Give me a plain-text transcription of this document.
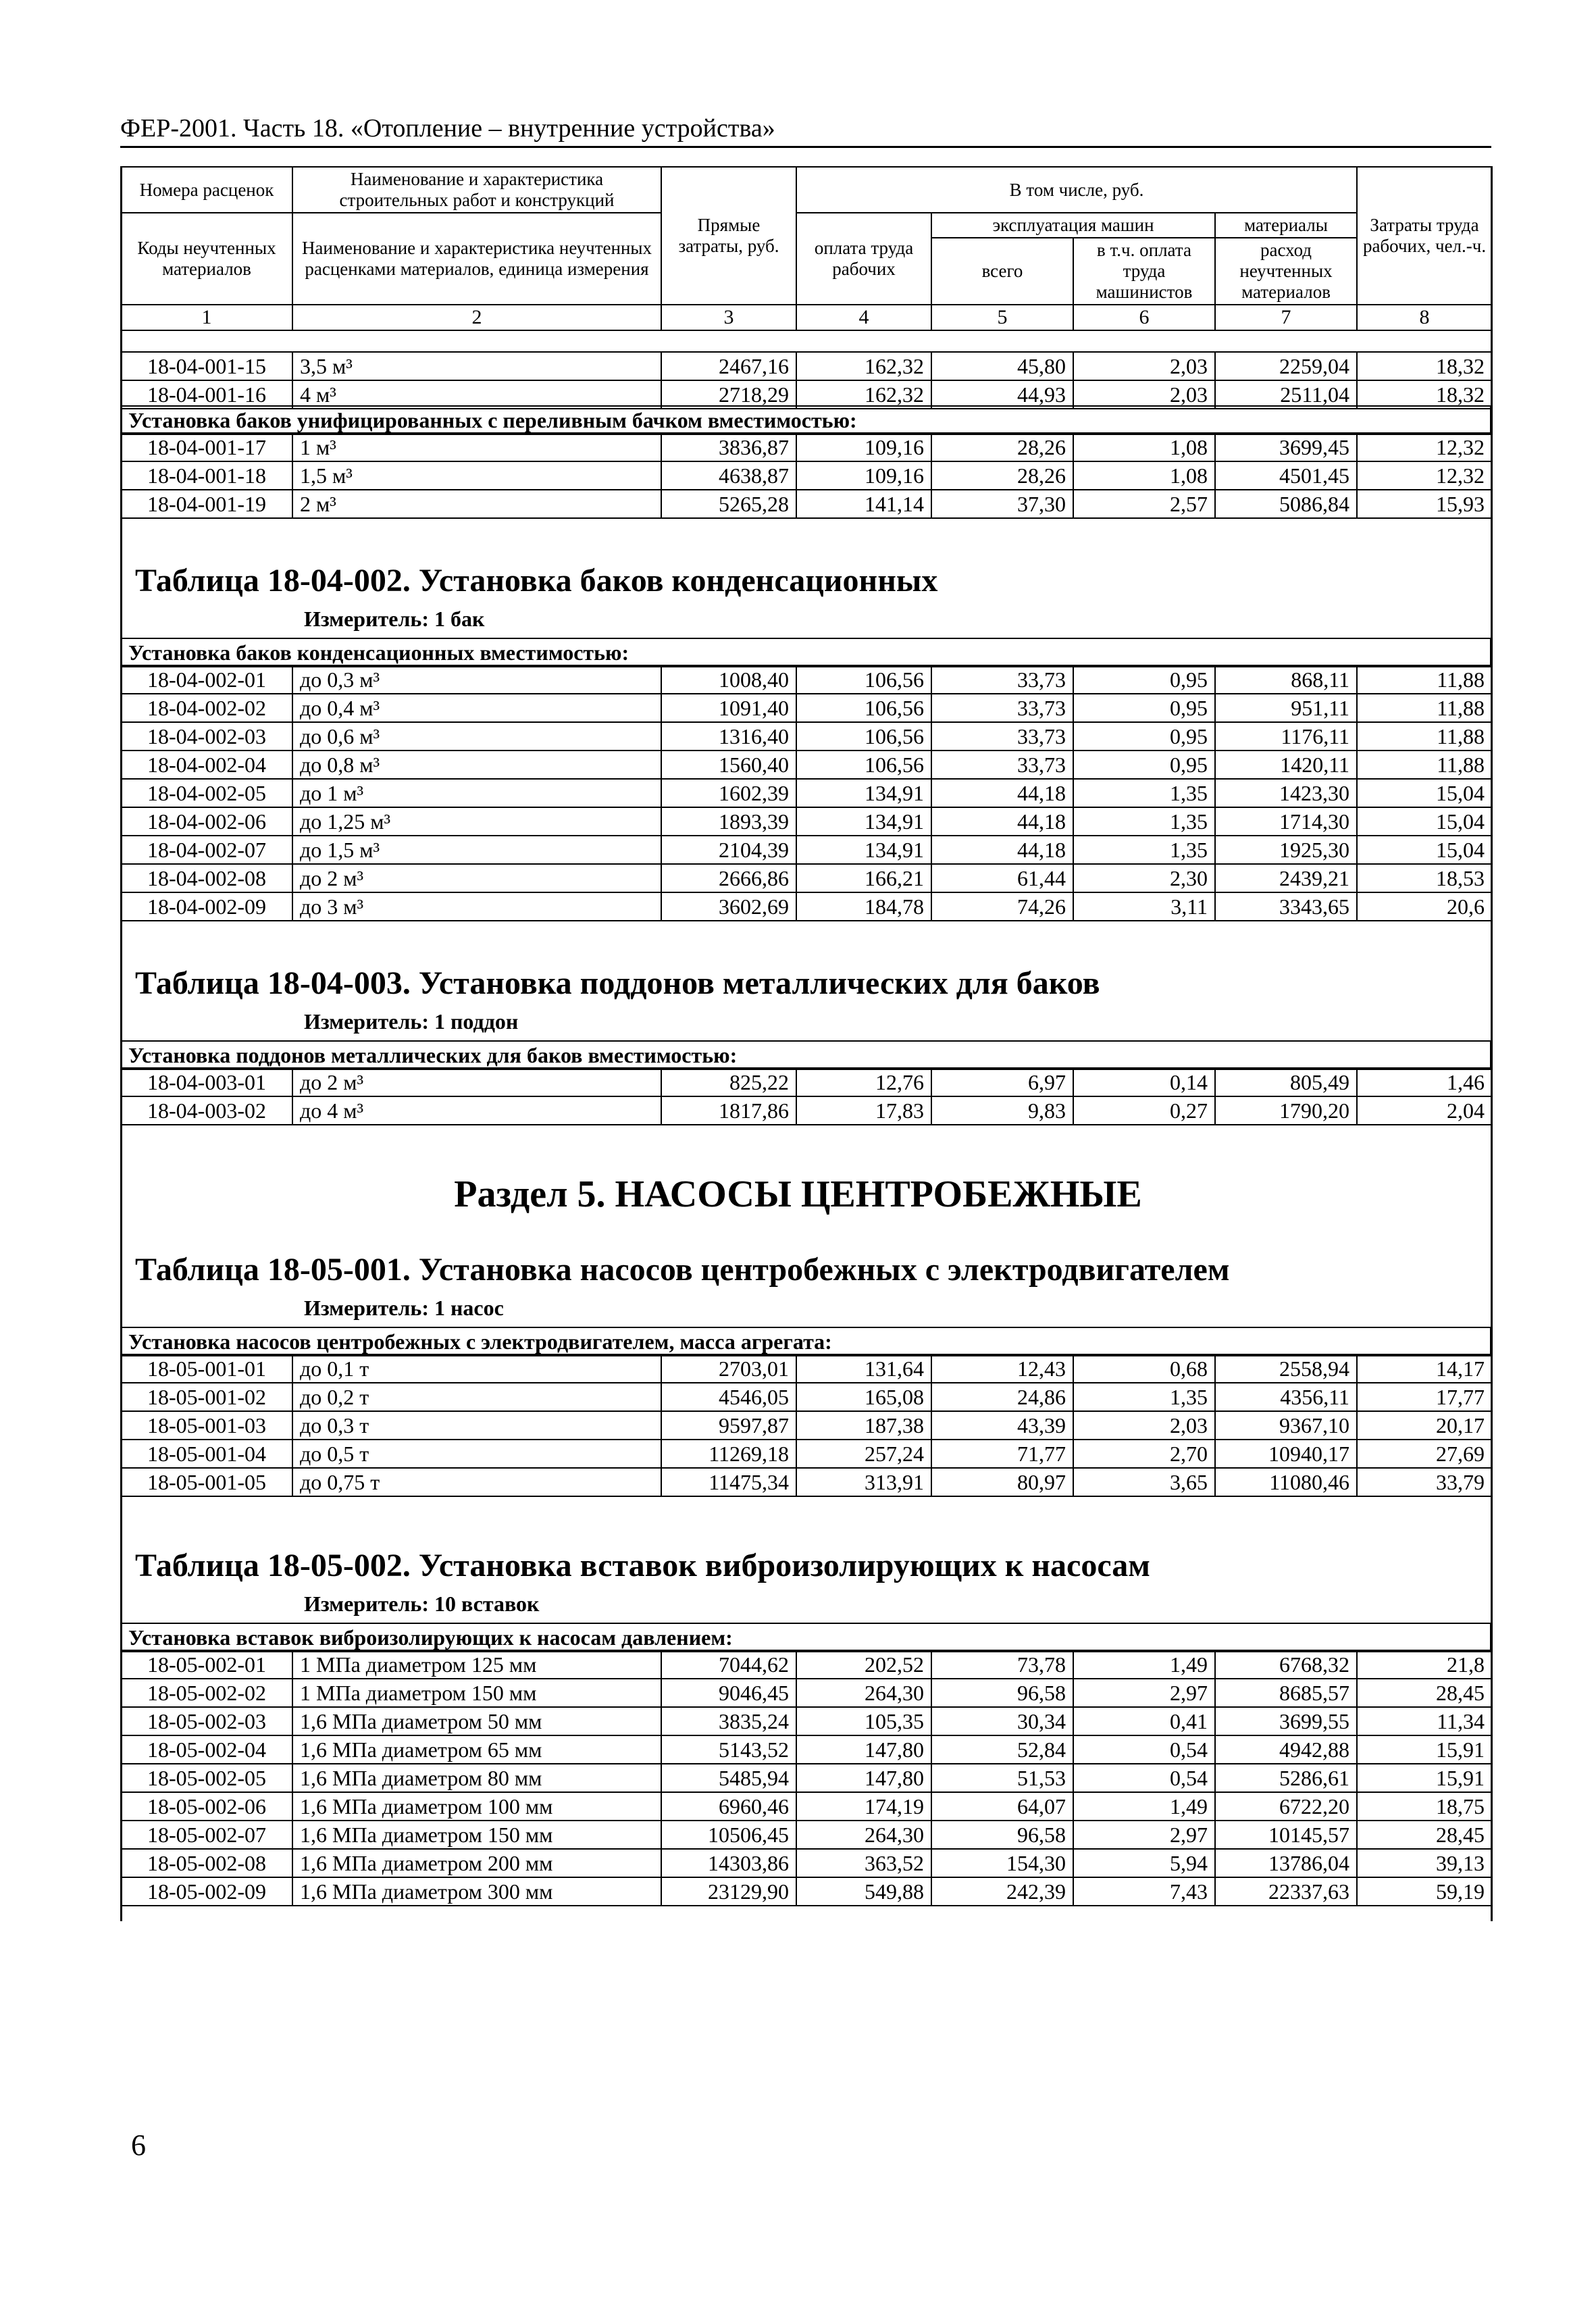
ФЕР-2001. Часть 18. «Отопление – внутренние устройства»
Номера расценок	Наименование и характеристика строительных работ и конструкций	Прямые затраты, руб.	В том числе, руб.				Затраты труда рабочих, чел.-ч.
Коды неучтенных материалов	Наименование и характеристика неучтенных расценками материалов, единица измерения		оплата труда рабочих	эксплуатация машин		материалы	
				всего	в т.ч. оплата труда машинистов	расход неучтенных материалов	
1	2	3	4	5	6	7	8
18-04-001-15	3,5 м³	2467,16	162,32	45,80	2,03	2259,04	18,32
18-04-001-16	4 м³	2718,29	162,32	44,93	2,03	2511,04	18,32
Установка баков унифицированных с переливным бачком вместимостью:
18-04-001-17	1 м³	3836,87	109,16	28,26	1,08	3699,45	12,32
18-04-001-18	1,5 м³	4638,87	109,16	28,26	1,08	4501,45	12,32
18-04-001-19	2 м³	5265,28	141,14	37,30	2,57	5086,84	15,93
Таблица 18-04-002. Установка баков конденсационных
Измеритель: 1 бак
Установка баков конденсационных вместимостью:
18-04-002-01	до 0,3 м³	1008,40	106,56	33,73	0,95	868,11	11,88
18-04-002-02	до 0,4 м³	1091,40	106,56	33,73	0,95	951,11	11,88
18-04-002-03	до 0,6 м³	1316,40	106,56	33,73	0,95	1176,11	11,88
18-04-002-04	до 0,8 м³	1560,40	106,56	33,73	0,95	1420,11	11,88
18-04-002-05	до 1 м³	1602,39	134,91	44,18	1,35	1423,30	15,04
18-04-002-06	до 1,25 м³	1893,39	134,91	44,18	1,35	1714,30	15,04
18-04-002-07	до 1,5 м³	2104,39	134,91	44,18	1,35	1925,30	15,04
18-04-002-08	до 2 м³	2666,86	166,21	61,44	2,30	2439,21	18,53
18-04-002-09	до 3 м³	3602,69	184,78	74,26	3,11	3343,65	20,6
Таблица 18-04-003. Установка поддонов металлических для баков
Измеритель: 1 поддон
Установка поддонов металлических для баков вместимостью:
18-04-003-01	до 2 м³	825,22	12,76	6,97	0,14	805,49	1,46
18-04-003-02	до 4 м³	1817,86	17,83	9,83	0,27	1790,20	2,04
Раздел 5. НАСОСЫ ЦЕНТРОБЕЖНЫЕ
Таблица 18-05-001. Установка насосов центробежных с электродвигателем
Измеритель: 1 насос
Установка насосов центробежных с электродвигателем, масса агрегата:
18-05-001-01	до 0,1 т	2703,01	131,64	12,43	0,68	2558,94	14,17
18-05-001-02	до 0,2 т	4546,05	165,08	24,86	1,35	4356,11	17,77
18-05-001-03	до 0,3 т	9597,87	187,38	43,39	2,03	9367,10	20,17
18-05-001-04	до 0,5 т	11269,18	257,24	71,77	2,70	10940,17	27,69
18-05-001-05	до 0,75 т	11475,34	313,91	80,97	3,65	11080,46	33,79
Таблица 18-05-002. Установка вставок виброизолирующих к насосам
Измеритель: 10 вставок
Установка вставок виброизолирующих к насосам давлением:
18-05-002-01	1 МПа диаметром 125 мм	7044,62	202,52	73,78	1,49	6768,32	21,8
18-05-002-02	1 МПа диаметром 150 мм	9046,45	264,30	96,58	2,97	8685,57	28,45
18-05-002-03	1,6 МПа диаметром 50 мм	3835,24	105,35	30,34	0,41	3699,55	11,34
18-05-002-04	1,6 МПа диаметром 65 мм	5143,52	147,80	52,84	0,54	4942,88	15,91
18-05-002-05	1,6 МПа диаметром 80 мм	5485,94	147,80	51,53	0,54	5286,61	15,91
18-05-002-06	1,6 МПа диаметром 100 мм	6960,46	174,19	64,07	1,49	6722,20	18,75
18-05-002-07	1,6 МПа диаметром 150 мм	10506,45	264,30	96,58	2,97	10145,57	28,45
18-05-002-08	1,6 МПа диаметром 200 мм	14303,86	363,52	154,30	5,94	13786,04	39,13
18-05-002-09	1,6 МПа диаметром 300 мм	23129,90	549,88	242,39	7,43	22337,63	59,19
6
